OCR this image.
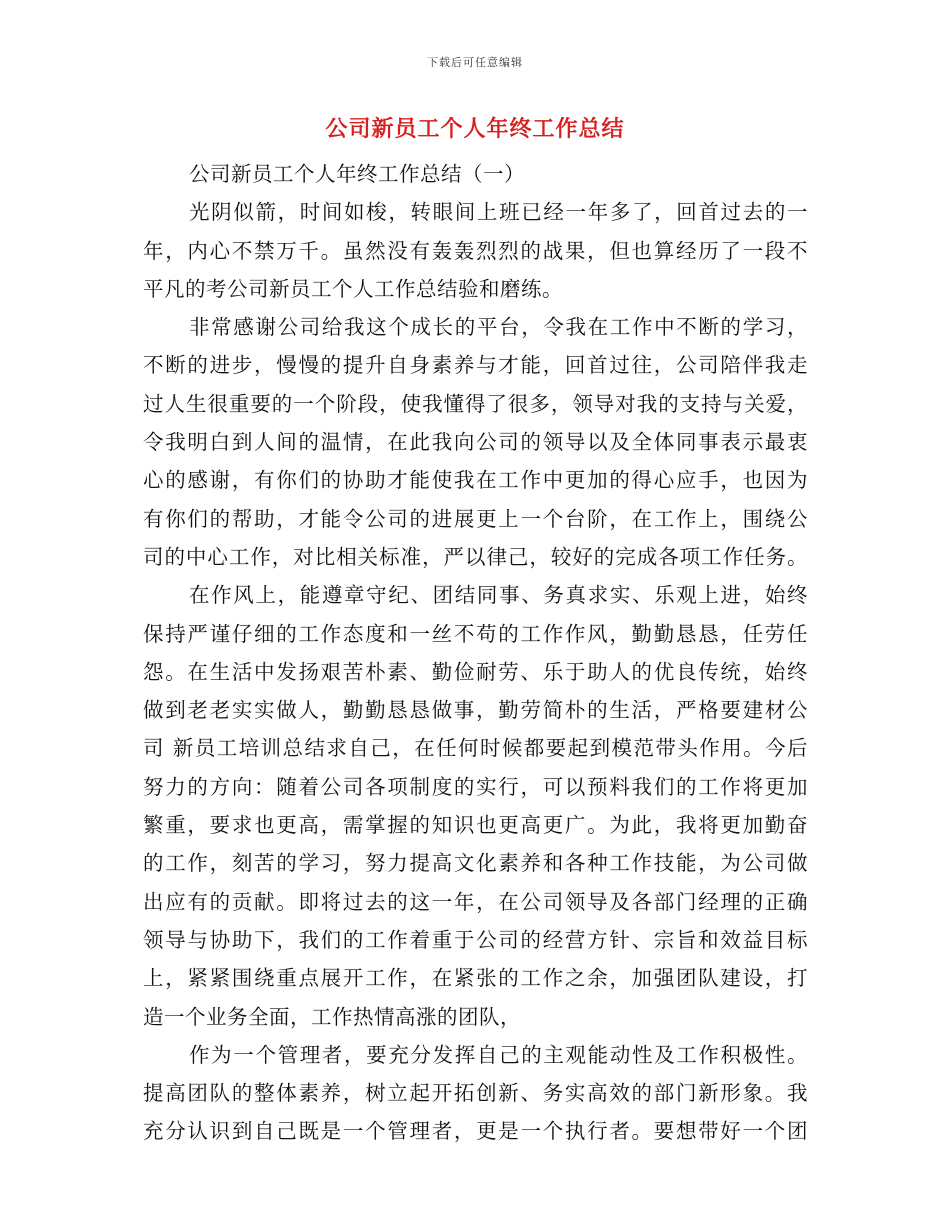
下载后可任意编辑
公司新员工个人年终工作总结
公司新员工个人年终工作总结（一）
光阴似箭，时间如梭，转眼间上班已经一年多了，回首过去的一
年，内心不禁万千。虽然没有轰轰烈烈的战果，但也算经历了一段不
平凡的考公司新员工个人工作总结验和磨练。
非常感谢公司给我这个成长的平台，令我在工作中不断的学习，
不断的进步，慢慢的提升自身素养与才能，回首过往，公司陪伴我走
过人生很重要的一个阶段，使我懂得了很多，领导对我的支持与关爱，
令我明白到人间的温情，在此我向公司的领导以及全体同事表示最衷
心的感谢，有你们的协助才能使我在工作中更加的得心应手，也因为
有你们的帮助，才能令公司的进展更上一个台阶，在工作上，围绕公
司的中心工作，对比相关标准，严以律己，较好的完成各项工作任务。
在作风上，能遵章守纪、团结同事、务真求实、乐观上进，始终
保持严谨仔细的工作态度和一丝不苟的工作作风，勤勤恳恳，任劳任
怨。在生活中发扬艰苦朴素、勤俭耐劳、乐于助人的优良传统，始终
做到老老实实做人，勤勤恳恳做事，勤劳简朴的生活，严格要建材公
司 新员工培训总结求自己，在任何时候都要起到模范带头作用。今后
努力的方向：随着公司各项制度的实行，可以预料我们的工作将更加
繁重，要求也更高，需掌握的知识也更高更广。为此，我将更加勤奋
的工作，刻苦的学习，努力提高文化素养和各种工作技能，为公司做
出应有的贡献。即将过去的这一年，在公司领导及各部门经理的正确
领导与协助下，我们的工作着重于公司的经营方针、宗旨和效益目标
上，紧紧围绕重点展开工作，在紧张的工作之余，加强团队建设，打
造一个业务全面，工作热情高涨的团队，
作为一个管理者，要充分发挥自己的主观能动性及工作积极性。
提高团队的整体素养，树立起开拓创新、务实高效的部门新形象。我
充分认识到自己既是一个管理者，更是一个执行者。要想带好一个团
